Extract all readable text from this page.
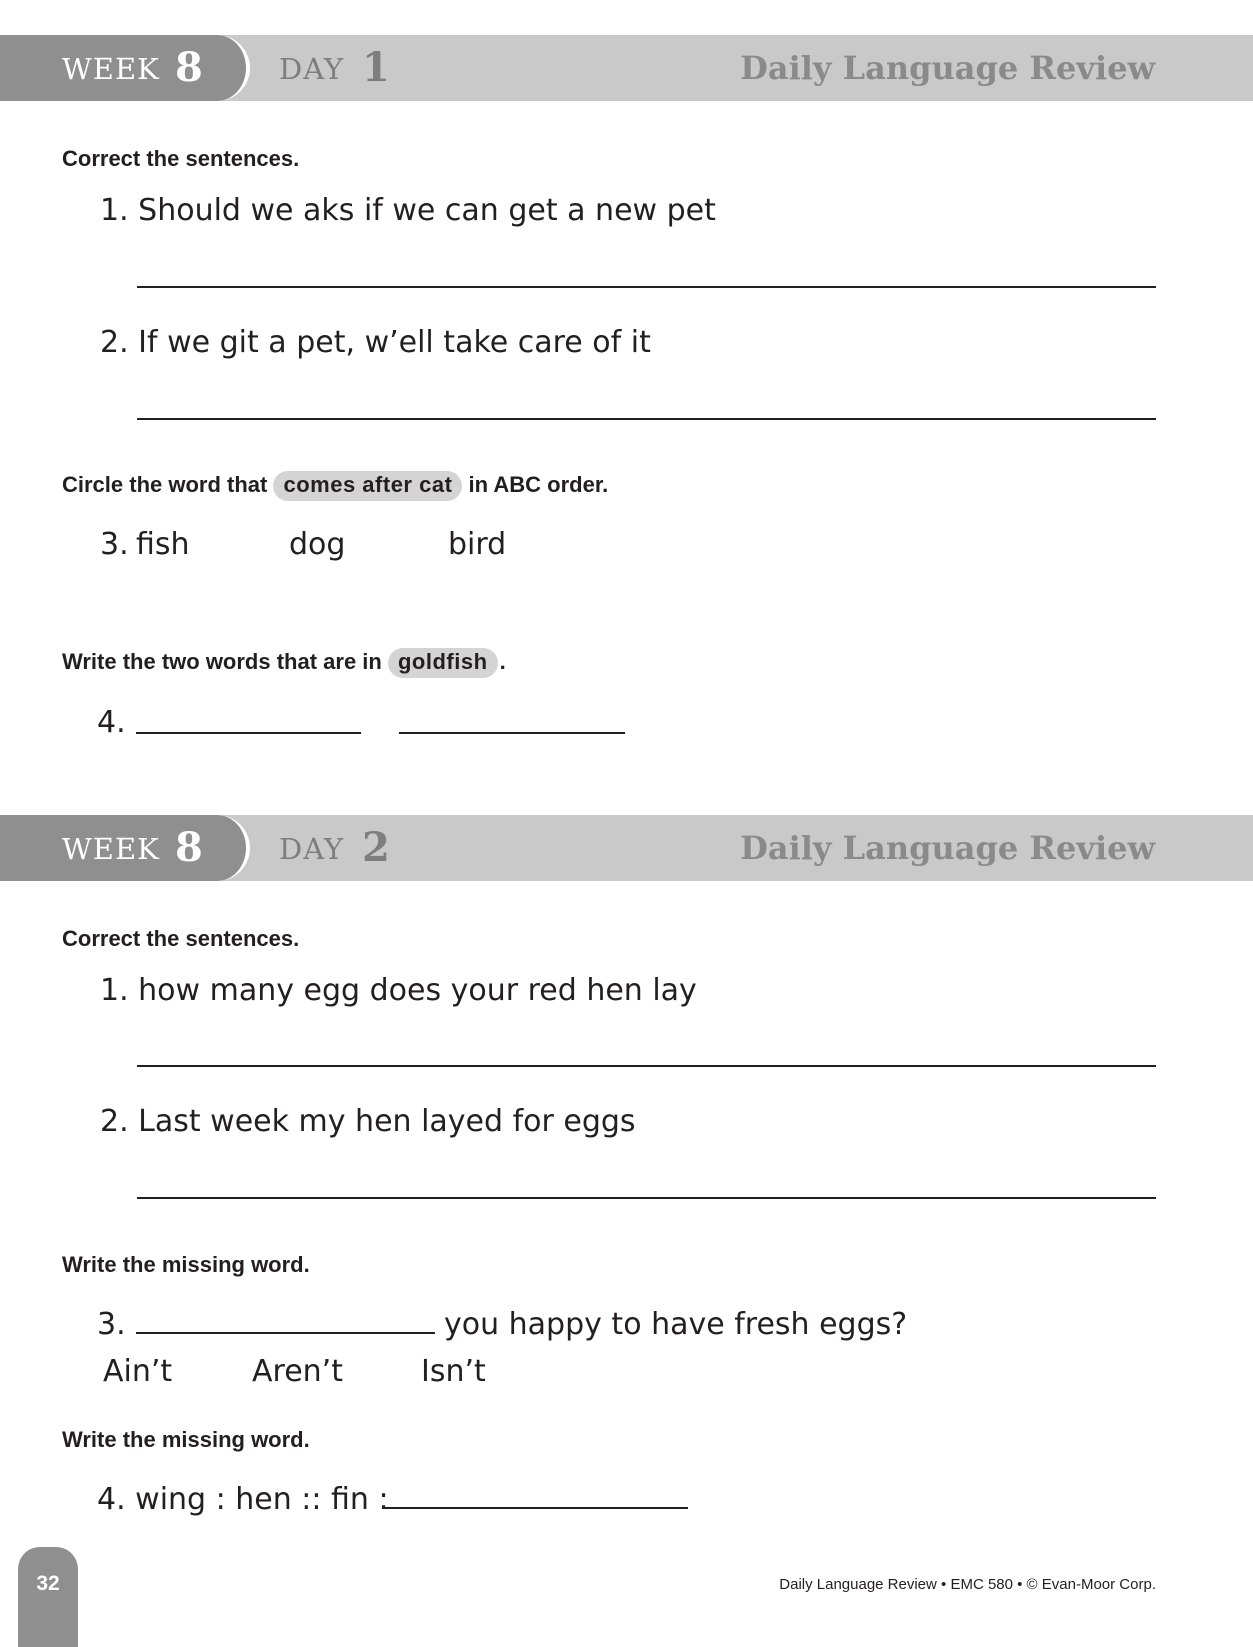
WEEK 8	DAY 1	Daily Language Review
Correct the sentences.
1. Should we aks if we can get a new pet
2. If we git a pet, w’ell take care of it
Circle the word that comes after cat in ABC order.
3. fish	dog	bird
Write the two words that are in goldfish .
4.
WEEK 8	DAY 2	Daily Language Review
Correct the sentences.
1. how many egg does your red hen lay
2. Last week my hen layed for eggs
Write the missing word.
3.	you happy to have fresh eggs?
Ain’t	Aren’t	Isn’t
Write the missing word.
4. wing : hen :: fin :
32	Daily Language Review • EMC 580 • © Evan-Moor Corp.
